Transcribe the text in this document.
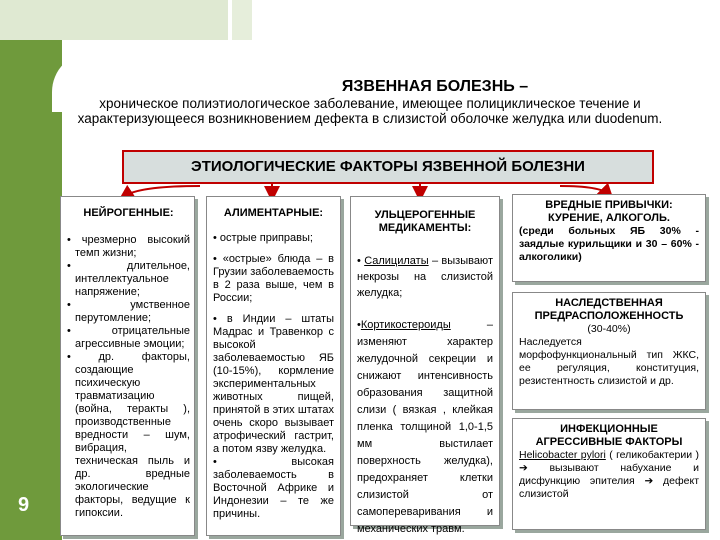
9
ЯЗВЕННАЯ БОЛЕЗНЬ –
хроническое полиэтиологическое заболевание, имеющее полициклическое течение и характеризующееся возникновением дефекта в слизистой оболочке желудка или duodenum.
ЭТИОЛОГИЧЕСКИЕ ФАКТОРЫ ЯЗВЕННОЙ БОЛЕЗНИ
НЕЙРОГЕННЫЕ:
• чрезмерно высокий темп жизни;
• длительное, интеллектуальное напряжение;
• умственное перутомление;
• отрицательные агрессивные эмоции;
• др. факторы, создающие психическую травматизацию (война, теракты ), производственные вредности – шум, вибрация, техническая пыль и др. вредные экологические факторы, ведущие к гипоксии.
АЛИМЕНТАРНЫЕ:
• острые приправы;
• «острые» блюда – в Грузии заболеваемость в 2 раза выше, чем в России;
• в Индии – штаты Мадрас и Травенкор с высокой заболеваемостью ЯБ (10-15%), кормление экспериментальных животных пищей, принятой в этих штатах очень скоро вызывает атрофический гастрит, а потом язву желудка.
• высокая заболеваемость в Восточной Африке и Индонезии – те же причины.
УЛЬЦЕРОГЕННЫЕ МЕДИКАМЕНТЫ:
• Салицилаты – вызывают некрозы на слизистой желудка;
•Кортикостероиды	– изменяют характер желудочной секреции и снижают интенсивность образования защитной слизи ( вязкая , клейкая пленка толщиной 1,0-1,5 мм выстилает поверхность желудка), предохраняет клетки слизистой от самопереваривания и механических травм.
ВРЕДНЫЕ ПРИВЫЧКИ: КУРЕНИЕ, АЛКОГОЛЬ.
(среди больных ЯБ 30% - заядлые курильщики и 30 – 60% - алкоголики)
НАСЛЕДСТВЕННАЯ ПРЕДРАСПОЛОЖЕННОСТЬ
(30-40%)
Наследуется морфофункциональный тип ЖКС, ее регуляция, конституция, резистентность слизистой и др.
ИНФЕКЦИОННЫЕ АГРЕССИВНЫЕ ФАКТОРЫ
Helicobacter pylori ( геликобактерии ) ➔ вызывают набухание и дисфункцию эпителия ➔ дефект слизистой
